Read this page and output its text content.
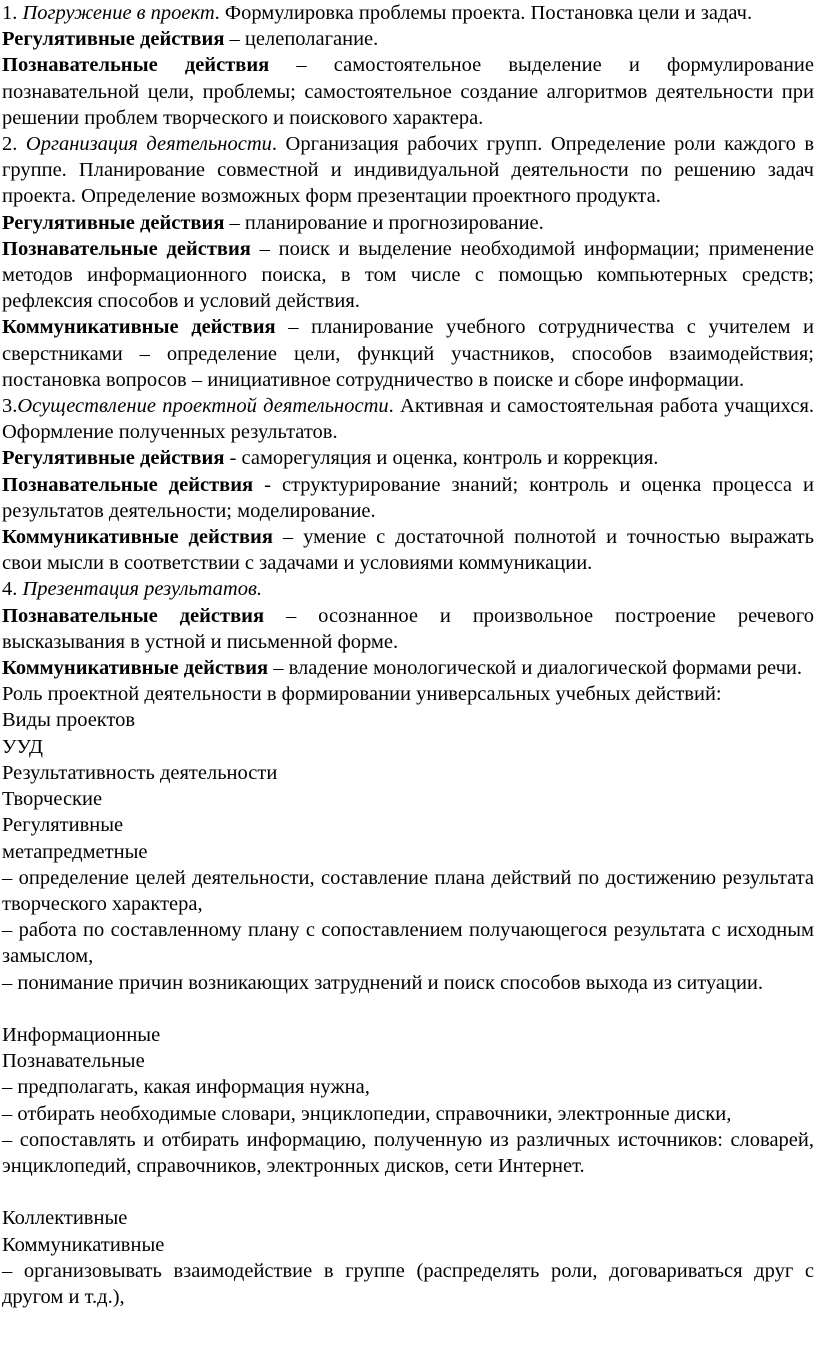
1. Погружение в проект. Формулировка проблемы проекта. Постановка цели и задач.

Регулятивные действия – целеполагание.

Познавательные действия – самостоятельное выделение и формулирование познавательной цели, проблемы; самостоятельное создание алгоритмов деятельности при решении проблем творческого и поискового характера.

2. Организация деятельности. Организация рабочих групп. Определение роли каждого в группе. Планирование совместной и индивидуальной деятельности по решению задач проекта. Определение возможных форм презентации проектного продукта.

Регулятивные действия – планирование и прогнозирование.

Познавательные действия – поиск и выделение необходимой информации; применение методов информационного поиска, в том числе с помощью компьютерных средств; рефлексия способов и условий действия.

Коммуникативные действия – планирование учебного сотрудничества с учителем и сверстниками – определение цели, функций участников, способов взаимодействия; постановка вопросов – инициативное сотрудничество в поиске и сборе информации.

3.Осуществление проектной деятельности. Активная и самостоятельная работа учащихся. Оформление полученных результатов.

Регулятивные действия - саморегуляция и оценка, контроль и коррекция.

Познавательные действия - структурирование знаний; контроль и оценка процесса и результатов деятельности; моделирование.

Коммуникативные действия – умение с достаточной полнотой и точностью выражать свои мысли в соответствии с задачами и условиями коммуникации.

4. Презентация результатов.

Познавательные действия – осознанное и произвольное построение речевого высказывания в устной и письменной форме.

Коммуникативные действия – владение монологической и диалогической формами речи.

Роль проектной деятельности в формировании универсальных учебных действий:

Виды проектов

УУД

Результативность деятельности

Творческие

Регулятивные

метапредметные

– определение целей деятельности, составление плана действий по достижению результата творческого характера,

– работа по составленному плану с сопоставлением получающегося результата с исходным замыслом,

– понимание причин возникающих затруднений и поиск способов выхода из ситуации.

Информационные

Познавательные

– предполагать, какая информация нужна,

– отбирать необходимые словари, энциклопедии, справочники, электронные диски,

– сопоставлять и отбирать информацию, полученную из различных источников: словарей, энциклопедий, справочников, электронных дисков, сети Интернет.

Коллективные

Коммуникативные

– организовывать взаимодействие в группе (распределять роли, договариваться друг с другом и т.д.),
